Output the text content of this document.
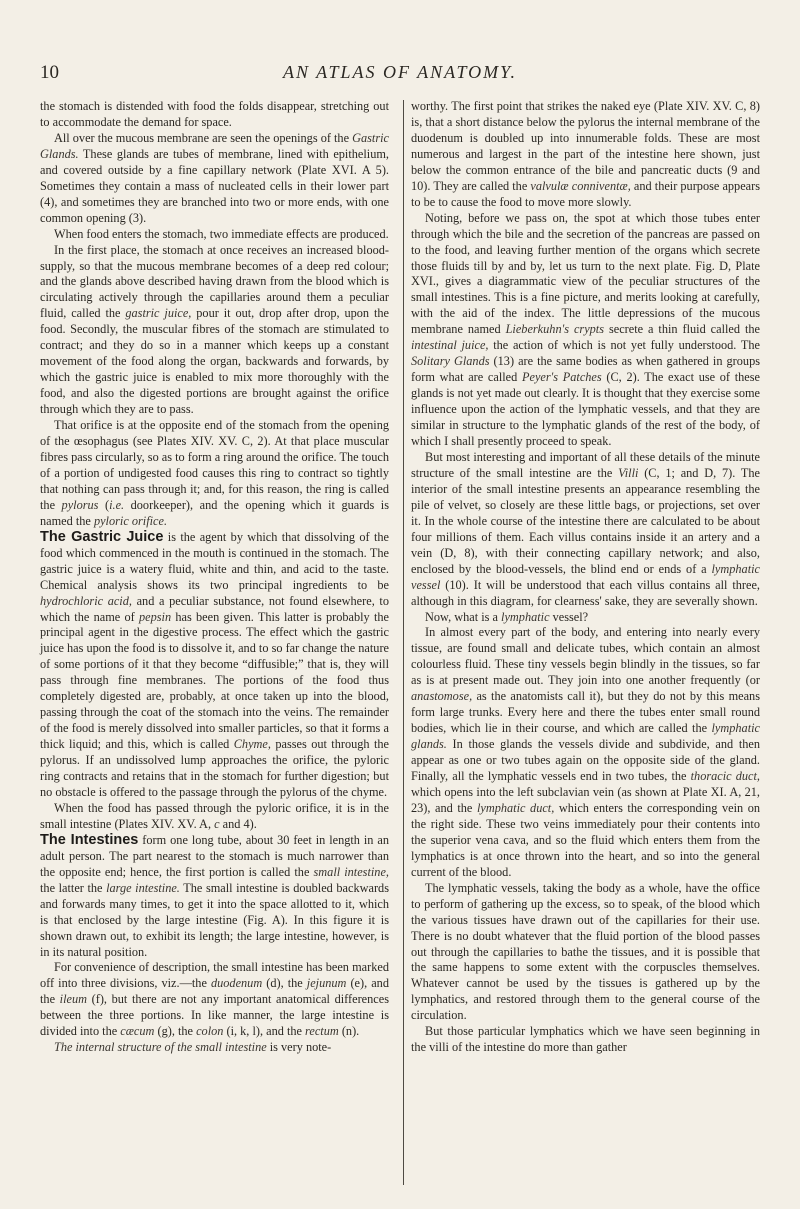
10	AN ATLAS OF ANATOMY.

the stomach is distended with food the folds disappear, stretching out to accommodate the demand for space.

All over the mucous membrane are seen the openings of the Gastric Glands. These glands are tubes of membrane, lined with epithelium, and covered outside by a fine capillary network (Plate XVI. A 5). Sometimes they contain a mass of nucleated cells in their lower part (4), and sometimes they are branched into two or more ends, with one common opening (3).

When food enters the stomach, two immediate effects are produced.

In the first place, the stomach at once receives an increased blood-supply, so that the mucous membrane becomes of a deep red colour; and the glands above described having drawn from the blood which is circulating actively through the capillaries around them a peculiar fluid, called the gastric juice, pour it out, drop after drop, upon the food. Secondly, the muscular fibres of the stomach are stimulated to contract; and they do so in a manner which keeps up a constant movement of the food along the organ, backwards and forwards, by which the gastric juice is enabled to mix more thoroughly with the food, and also the digested portions are brought against the orifice through which they are to pass.

That orifice is at the opposite end of the stomach from the opening of the œsophagus (see Plates XIV. XV. C, 2). At that place muscular fibres pass circularly, so as to form a ring around the orifice. The touch of a portion of undigested food causes this ring to contract so tightly that nothing can pass through it; and, for this reason, the ring is called the pylorus (i.e. doorkeeper), and the opening which it guards is named the pyloric orifice.

The Gastric Juice is the agent by which that dissolving of the food which commenced in the mouth is continued in the stomach. The gastric juice is a watery fluid, white and thin, and acid to the taste. Chemical analysis shows its two principal ingredients to be hydrochloric acid, and a peculiar substance, not found elsewhere, to which the name of pepsin has been given. This latter is probably the principal agent in the digestive process. The effect which the gastric juice has upon the food is to dissolve it, and to so far change the nature of some portions of it that they become “diffusible;” that is, they will pass through fine membranes. The portions of the food thus completely digested are, probably, at once taken up into the blood, passing through the coat of the stomach into the veins. The remainder of the food is merely dissolved into smaller particles, so that it forms a thick liquid; and this, which is called Chyme, passes out through the pylorus. If an undissolved lump approaches the orifice, the pyloric ring contracts and retains that in the stomach for further digestion; but no obstacle is offered to the passage through the pylorus of the chyme.

When the food has passed through the pyloric orifice, it is in the small intestine (Plates XIV. XV. A, c and 4).

The Intestines form one long tube, about 30 feet in length in an adult person. The part nearest to the stomach is much narrower than the opposite end; hence, the first portion is called the small intestine, the latter the large intestine. The small intestine is doubled backwards and forwards many times, to get it into the space allotted to it, which is that enclosed by the large intestine (Fig. A). In this figure it is shown drawn out, to exhibit its length; the large intestine, however, is in its natural position.

For convenience of description, the small intestine has been marked off into three divisions, viz.—the duodenum (d), the jejunum (e), and the ileum (f), but there are not any important anatomical differences between the three portions. In like manner, the large intestine is divided into the cæcum (g), the colon (i, k, l), and the rectum (n).

The internal structure of the small intestine is very note-

worthy. The first point that strikes the naked eye (Plate XIV. XV. C, 8) is, that a short distance below the pylorus the internal membrane of the duodenum is doubled up into innumerable folds. These are most numerous and largest in the part of the intestine here shown, just below the common entrance of the bile and pancreatic ducts (9 and 10). They are called the valvulæ conniventæ, and their purpose appears to be to cause the food to move more slowly.

Noting, before we pass on, the spot at which those tubes enter through which the bile and the secretion of the pancreas are passed on to the food, and leaving further mention of the organs which secrete those fluids till by and by, let us turn to the next plate. Fig. D, Plate XVI., gives a diagrammatic view of the peculiar structures of the small intestines. This is a fine picture, and merits looking at carefully, with the aid of the index. The little depressions of the mucous membrane named Lieberkuhn's crypts secrete a thin fluid called the intestinal juice, the action of which is not yet fully understood. The Solitary Glands (13) are the same bodies as when gathered in groups form what are called Peyer's Patches (C, 2). The exact use of these glands is not yet made out clearly. It is thought that they exercise some influence upon the action of the lymphatic vessels, and that they are similar in structure to the lymphatic glands of the rest of the body, of which I shall presently proceed to speak.

But most interesting and important of all these details of the minute structure of the small intestine are the Villi (C, 1; and D, 7). The interior of the small intestine presents an appearance resembling the pile of velvet, so closely are these little bags, or projections, set over it. In the whole course of the intestine there are calculated to be about four millions of them. Each villus contains inside it an artery and a vein (D, 8), with their connecting capillary network; and also, enclosed by the blood-vessels, the blind end or ends of a lymphatic vessel (10). It will be understood that each villus contains all three, although in this diagram, for clearness' sake, they are severally shown.

Now, what is a lymphatic vessel?

In almost every part of the body, and entering into nearly every tissue, are found small and delicate tubes, which contain an almost colourless fluid. These tiny vessels begin blindly in the tissues, so far as is at present made out. They join into one another frequently (or anastomose, as the anatomists call it), but they do not by this means form large trunks. Every here and there the tubes enter small round bodies, which lie in their course, and which are called the lymphatic glands. In those glands the vessels divide and subdivide, and then appear as one or two tubes again on the opposite side of the gland. Finally, all the lymphatic vessels end in two tubes, the thoracic duct, which opens into the left subclavian vein (as shown at Plate XI. A, 21, 23), and the lymphatic duct, which enters the corresponding vein on the right side. These two veins immediately pour their contents into the superior vena cava, and so the fluid which enters them from the lymphatics is at once thrown into the heart, and so into the general current of the blood.

The lymphatic vessels, taking the body as a whole, have the office to perform of gathering up the excess, so to speak, of the blood which the various tissues have drawn out of the capillaries for their use. There is no doubt whatever that the fluid portion of the blood passes out through the capillaries to bathe the tissues, and it is possible that the same happens to some extent with the corpuscles themselves. Whatever cannot be used by the tissues is gathered up by the lymphatics, and restored through them to the general course of the circulation.

But those particular lymphatics which we have seen beginning in the villi of the intestine do more than gather
